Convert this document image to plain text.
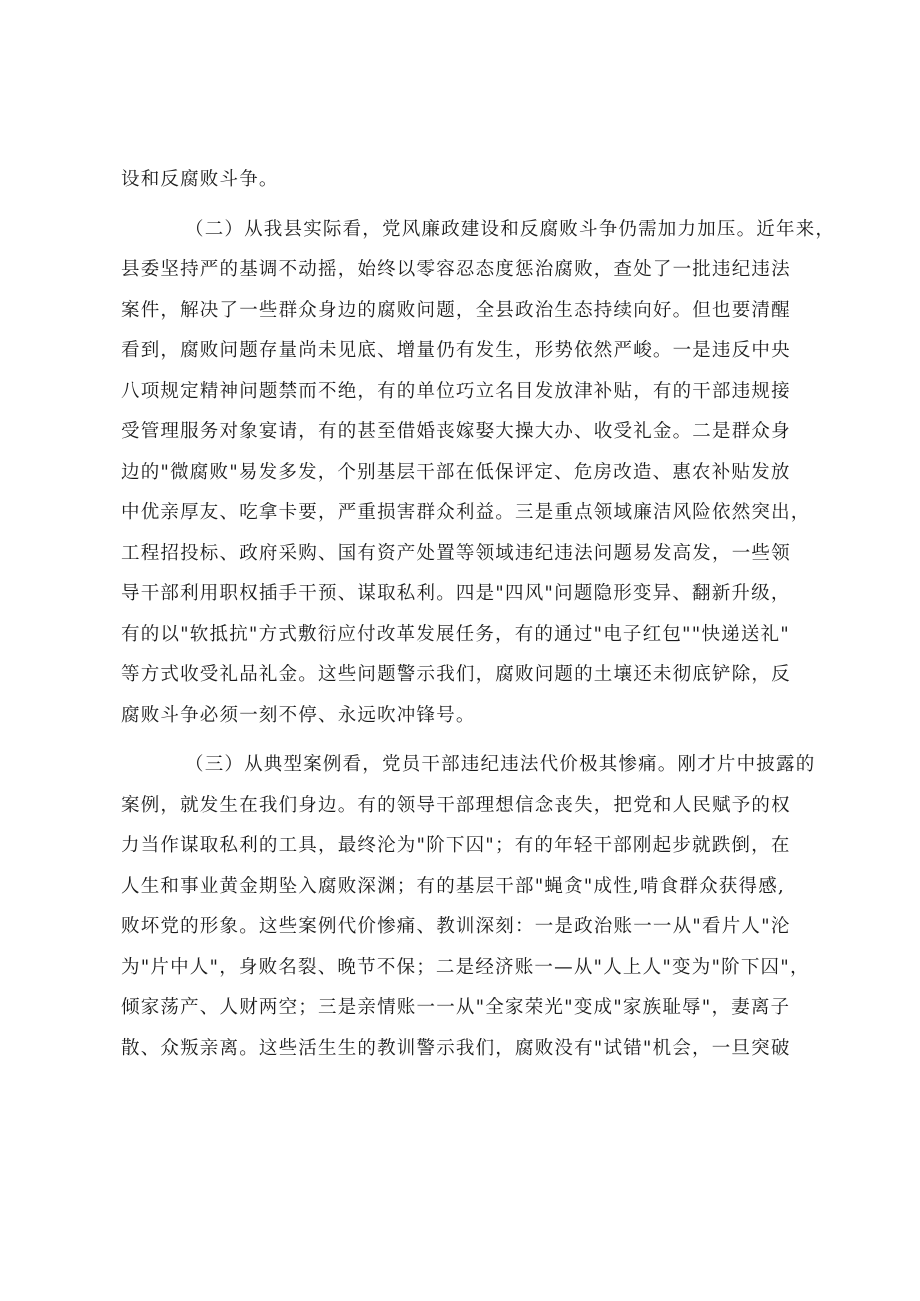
设和反腐败斗争。
（二）从我县实际看，党风廉政建设和反腐败斗争仍需加力加压。近年来，
县委坚持严的基调不动摇，始终以零容忍态度惩治腐败，查处了一批违纪违法
案件，解决了一些群众身边的腐败问题，全县政治生态持续向好。但也要清醒
看到，腐败问题存量尚未见底、增量仍有发生，形势依然严峻。一是违反中央
八项规定精神问题禁而不绝，有的单位巧立名目发放津补贴，有的干部违规接
受管理服务对象宴请，有的甚至借婚丧嫁娶大操大办、收受礼金。二是群众身
边的"微腐败"易发多发，个别基层干部在低保评定、危房改造、惠农补贴发放
中优亲厚友、吃拿卡要，严重损害群众利益。三是重点领域廉洁风险依然突出，
工程招投标、政府采购、国有资产处置等领域违纪违法问题易发高发，一些领
导干部利用职权插手干预、谋取私利。四是"四风"问题隐形变异、翻新升级，
有的以"软抵抗"方式敷衍应付改革发展任务，有的通过"电子红包""快递送礼"
等方式收受礼品礼金。这些问题警示我们，腐败问题的土壤还未彻底铲除，反
腐败斗争必须一刻不停、永远吹冲锋号。
（三）从典型案例看，党员干部违纪违法代价极其惨痛。刚才片中披露的
案例，就发生在我们身边。有的领导干部理想信念丧失，把党和人民赋予的权
力当作谋取私利的工具，最终沦为"阶下囚"；有的年轻干部刚起步就跌倒，在
人生和事业黄金期坠入腐败深渊；有的基层干部"蝇贪"成性,啃食群众获得感,
败坏党的形象。这些案例代价惨痛、教训深刻：一是政治账一一从"看片人"沦
为"片中人"，身败名裂、晚节不保；二是经济账一—从"人上人"变为"阶下囚"，
倾家荡产、人财两空；三是亲情账一一从"全家荣光"变成"家族耻辱"，妻离子
散、众叛亲离。这些活生生的教训警示我们，腐败没有"试错"机会，一旦突破
